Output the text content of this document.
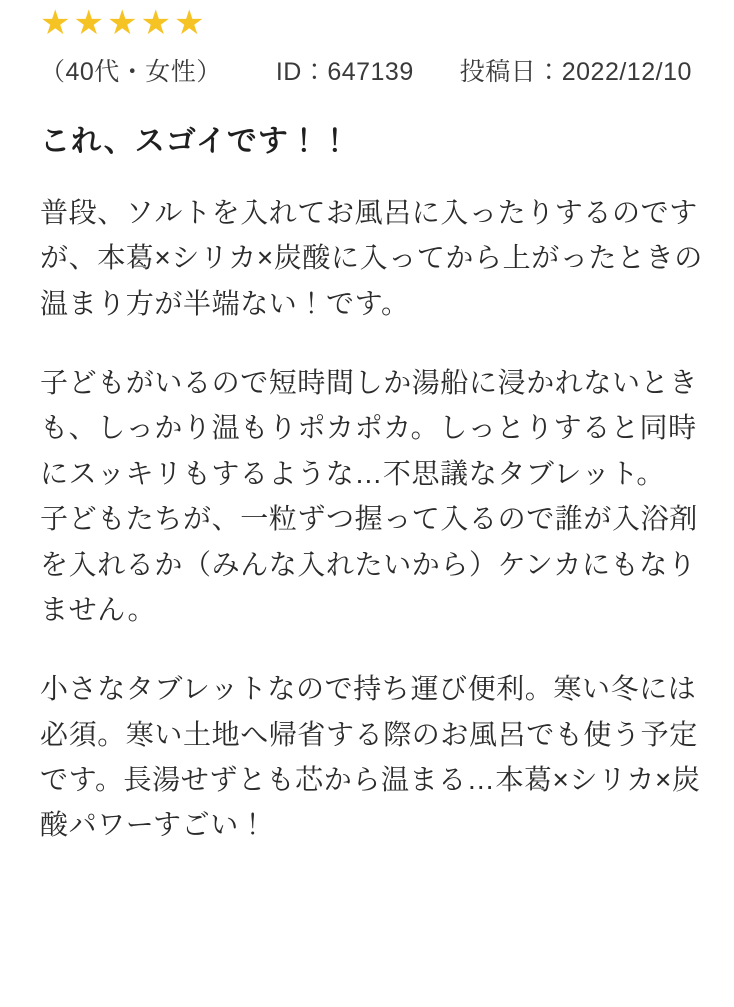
★ ★ ★ ★ ★
（40代・女性） ID：647139 投稿日：2022/12/10
これ、スゴイです！！

普段、ソルトを入れてお風呂に入ったりするのですが、本葛×シリカ×炭酸に入ってから上がったときの温まり方が半端ない！です。

子どもがいるので短時間しか湯船に浸かれないときも、しっかり温もりポカポカ。しっとりすると同時にスッキリもするような…不思議なタブレット。

子どもたちが、一粒ずつ握って入るので誰が入浴剤を入れるか（みんな入れたいから）ケンカにもなりません。

小さなタブレットなので持ち運び便利。寒い冬には必須。寒い土地へ帰省する際のお風呂でも使う予定です。長湯せずとも芯から温まる…本葛×シリカ×炭酸パワーすごい！
